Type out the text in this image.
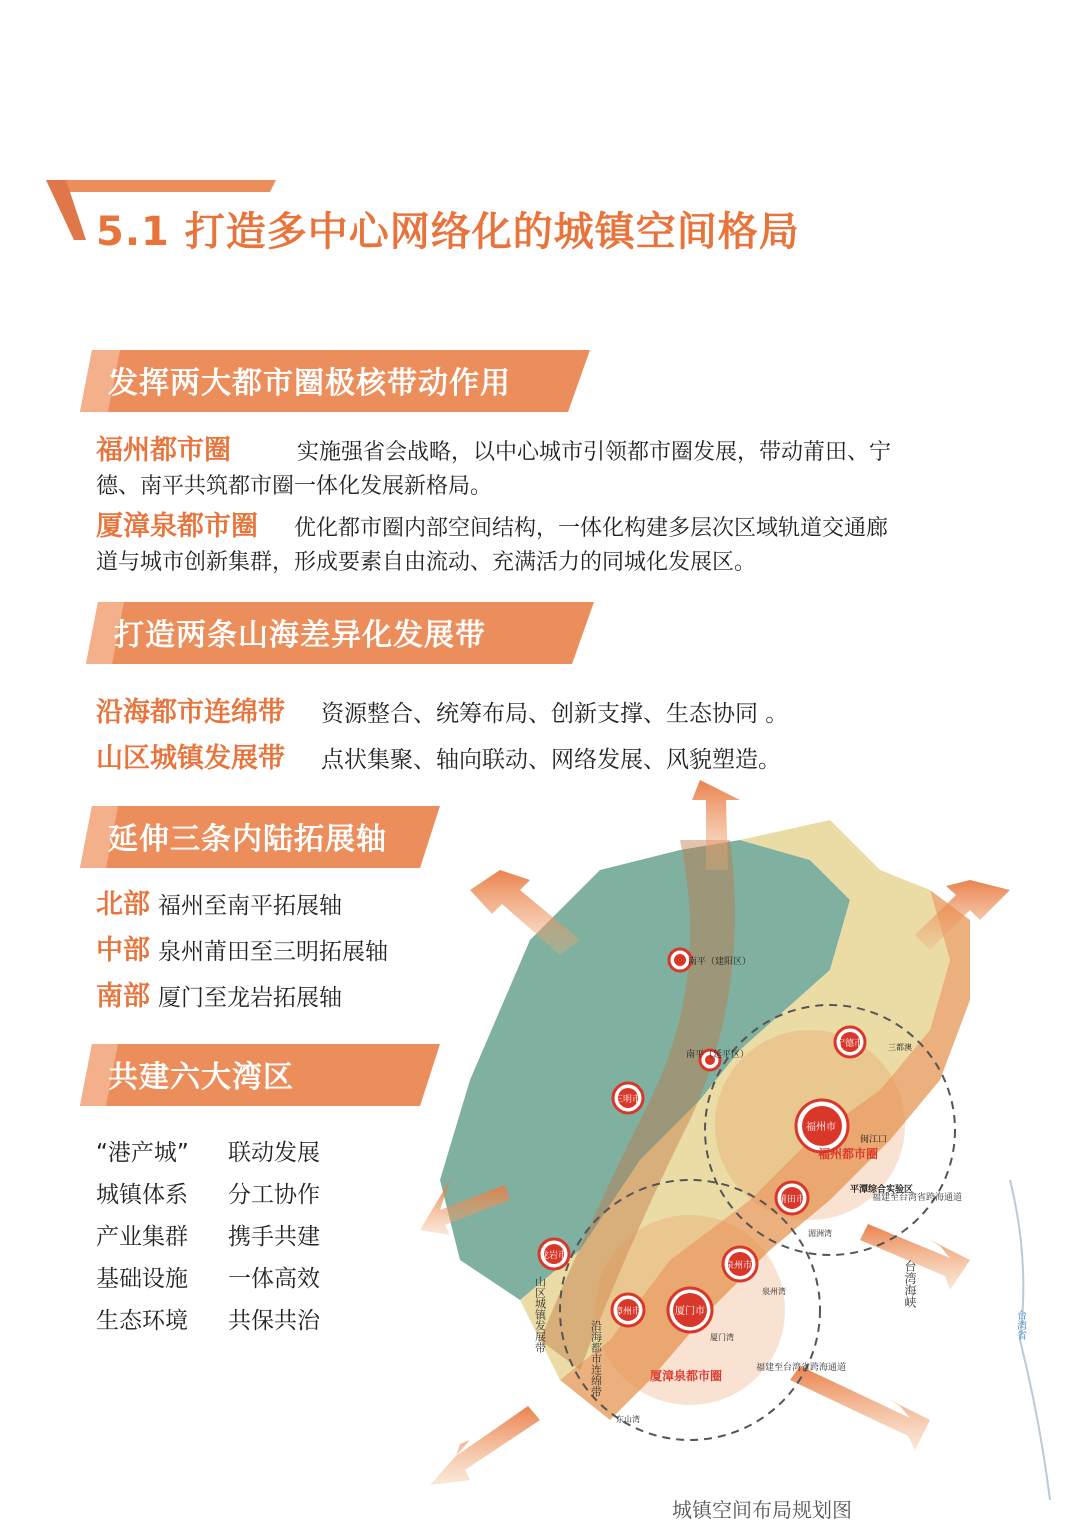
5.1 打造多中心网络化的城镇空间格局
发挥两大都市圈极核带动作用
福州都市圈	实施强省会战略，以中心城市引领都市圈发展，带动莆田、宁
德、南平共筑都市圈一体化发展新格局。
厦漳泉都市圈 优化都市圈内部空间结构，一体化构建多层次区域轨道交通廊
道与城市创新集群，形成要素自由流动、充满活力的同城化发展区。
打造两条山海差异化发展带
沿海都市连绵带 资源整合、统筹布局、创新支撑、生态协同 。
山区城镇发展带 点状集聚、轴向联动、网络发展、风貌塑造。
延伸三条内陆拓展轴
北部 福州至南平拓展轴
中部 泉州莆田至三明拓展轴
南部 厦门至龙岩拓展轴
共建六大湾区
“港产城” 联动发展
城镇体系 分工协作
产业集群 携手共建
基础设施 一体高效
生态环境 共保共治
南平（建阳区）
南平（延平区）
三明市
宁德市
福州市
莆田市
泉州市
厦门市
漳州市
龙岩市
福州都市圈
厦漳泉都市圈
闽江口
平潭综合实验区
三都澳
湄洲湾
泉州湾
厦门湾
东山湾
山区城镇发展带
沿海都市连绵带
台湾海峡
台湾省
福建至台湾省跨海通道
福建至台湾省跨海通道
城镇空间布局规划图
